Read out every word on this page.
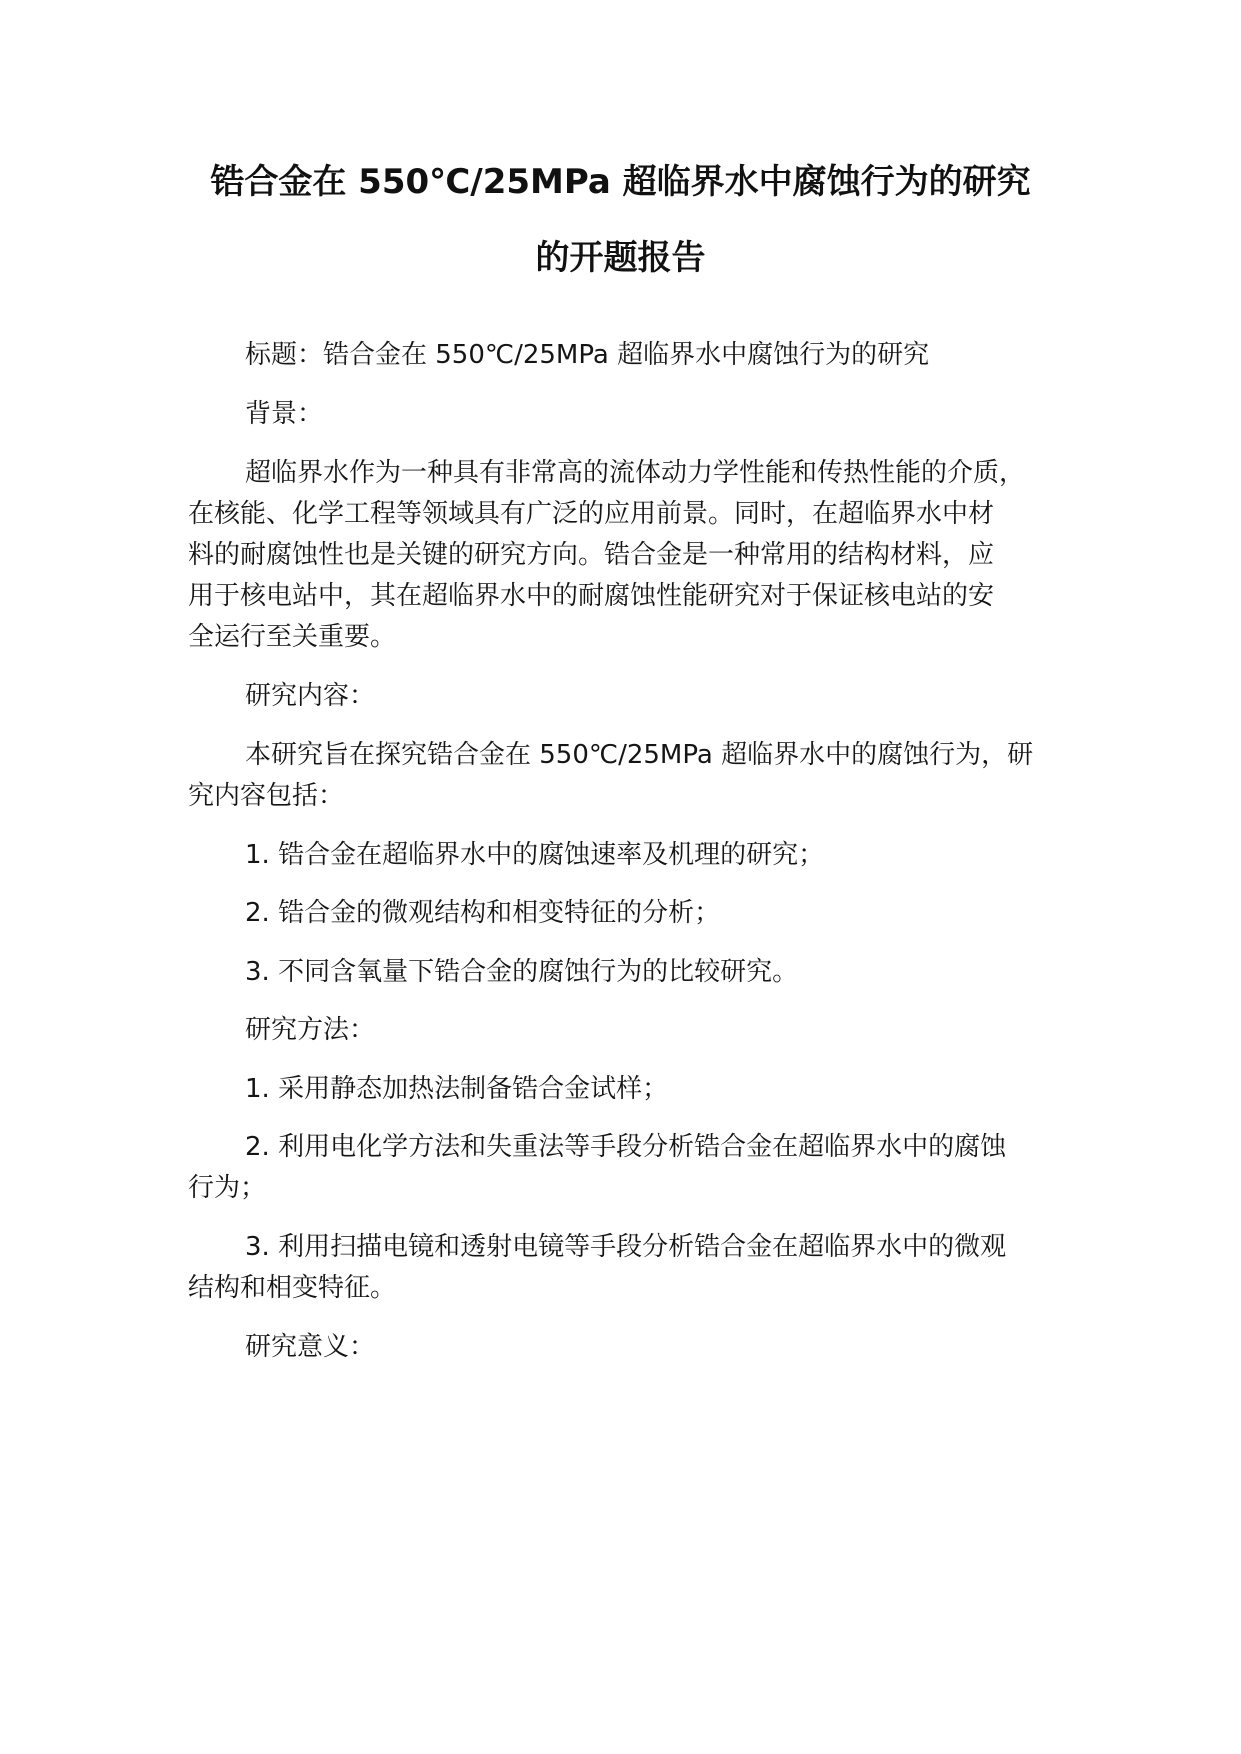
锆合金在 550℃/25MPa 超临界水中腐蚀行为的研究
的开题报告
标题：锆合金在 550℃/25MPa 超临界水中腐蚀行为的研究
背景：
超临界水作为一种具有非常高的流体动力学性能和传热性能的介质，
在核能、化学工程等领域具有广泛的应用前景。同时，在超临界水中材
料的耐腐蚀性也是关键的研究方向。锆合金是一种常用的结构材料，应
用于核电站中，其在超临界水中的耐腐蚀性能研究对于保证核电站的安
全运行至关重要。
研究内容：
本研究旨在探究锆合金在 550℃/25MPa 超临界水中的腐蚀行为，研
究内容包括：
1. 锆合金在超临界水中的腐蚀速率及机理的研究；
2. 锆合金的微观结构和相变特征的分析；
3. 不同含氧量下锆合金的腐蚀行为的比较研究。
研究方法：
1. 采用静态加热法制备锆合金试样；
2. 利用电化学方法和失重法等手段分析锆合金在超临界水中的腐蚀
行为；
3. 利用扫描电镜和透射电镜等手段分析锆合金在超临界水中的微观
结构和相变特征。
研究意义：
